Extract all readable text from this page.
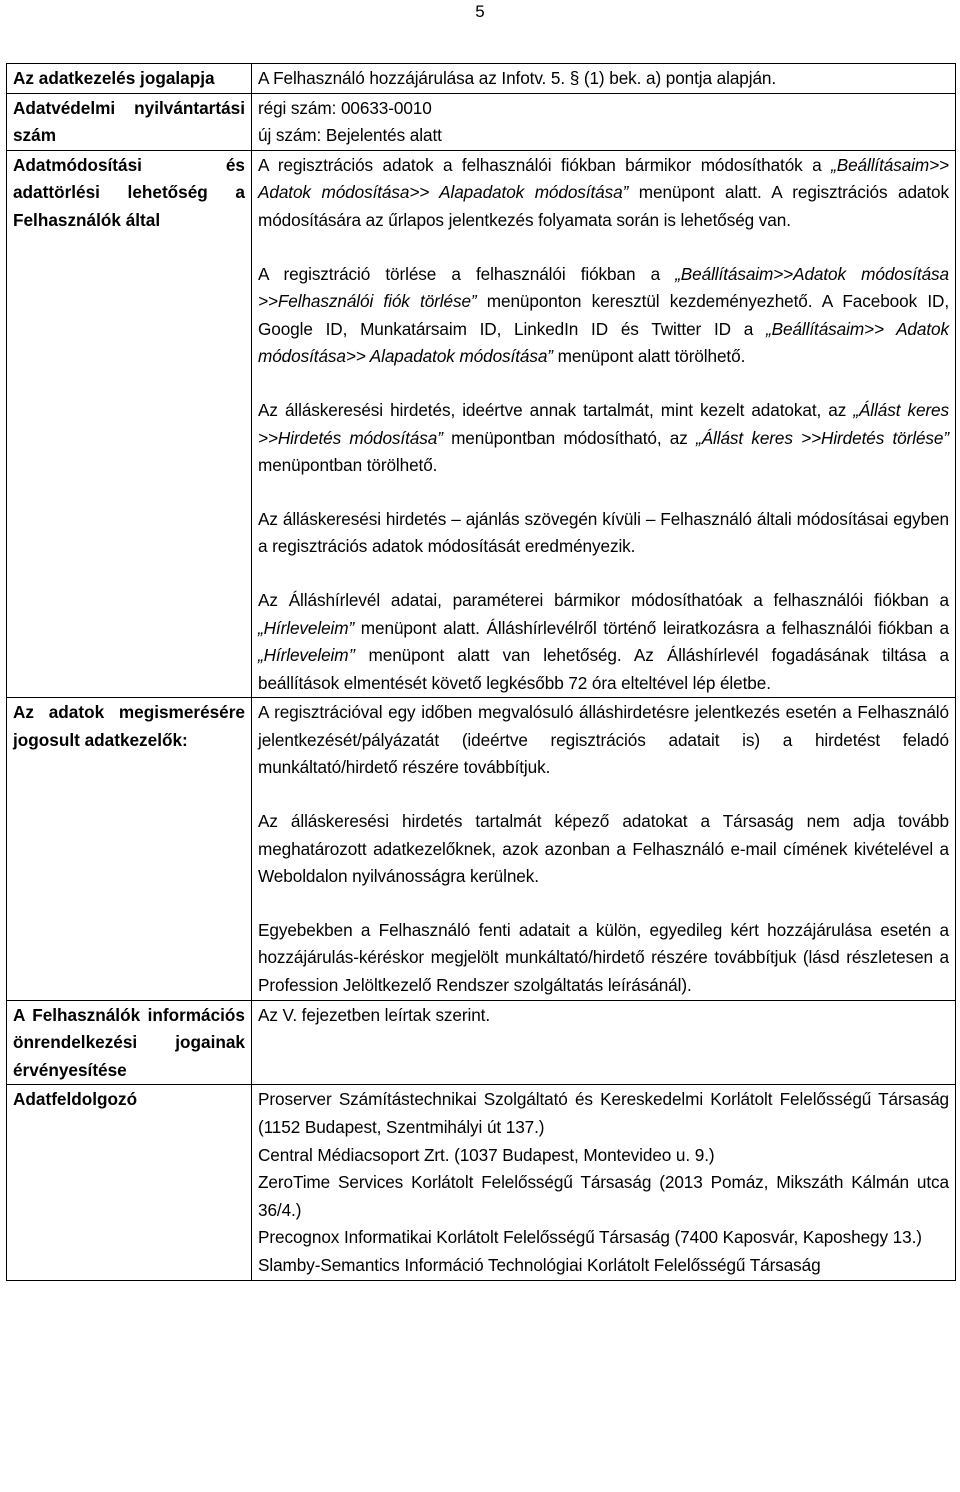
5
Az adatkezelés jogalapja	A Felhasználó hozzájárulása az Infotv. 5. § (1) bek. a) pontja alapján.

Adatvédelmi nyilvántartási szám	régi szám: 00633-0010
új szám: Bejelentés alatt

Adatmódosítási és adattörlési lehetőség a Felhasználók által	A regisztrációs adatok a felhasználói fiókban bármikor módosíthatók a „Beállításaim>> Adatok módosítása>> Alapadatok módosítása” menüpont alatt. A regisztrációs adatok módosítására az űrlapos jelentkezés folyamata során is lehetőség van.

A regisztráció törlése a felhasználói fiókban a „Beállításaim>>Adatok módosítása >>Felhasználói fiók törlése” menüponton keresztül kezdeményezhető. A Facebook ID, Google ID, Munkatársaim ID, LinkedIn ID és Twitter ID a „Beállításaim>> Adatok módosítása>> Alapadatok módosítása” menüpont alatt törölhető.

Az álláskeresési hirdetés, ideértve annak tartalmát, mint kezelt adatokat, az „Állást keres >>Hirdetés módosítása” menüpontban módosítható, az „Állást keres >>Hirdetés törlése” menüpontban törölhető.

Az álláskeresési hirdetés – ajánlás szövegén kívüli – Felhasználó általi módosításai egyben a regisztrációs adatok módosítását eredményezik.

Az Álláshírlevél adatai, paraméterei bármikor módosíthatóak a felhasználói fiókban a „Hírleveleim” menüpont alatt. Álláshírlevélről történő leiratkozásra a felhasználói fiókban a „Hírleveleim’’ menüpont alatt van lehetőség. Az Álláshírlevél fogadásának tiltása a beállítások elmentését követő legkésőbb 72 óra elteltével lép életbe.

Az adatok megismerésére jogosult adatkezelők:	A regisztrációval egy időben megvalósuló álláshirdetésre jelentkezés esetén a Felhasználó jelentkezését/pályázatát (ideértve regisztrációs adatait is) a hirdetést feladó munkáltató/hirdető részére továbbítjuk.

Az álláskeresési hirdetés tartalmát képező adatokat a Társaság nem adja tovább meghatározott adatkezelőknek, azok azonban a Felhasználó e-mail címének kivételével a Weboldalon nyilvánosságra kerülnek.

Egyebekben a Felhasználó fenti adatait a külön, egyedileg kért hozzájárulása esetén a hozzájárulás-kéréskor megjelölt munkáltató/hirdető részére továbbítjuk (lásd részletesen a Profession Jelöltkezelő Rendszer szolgáltatás leírásánál).

A Felhasználók információs önrendelkezési jogainak érvényesítése	Az V. fejezetben leírtak szerint.

Adatfeldolgozó	Proserver Számítástechnikai Szolgáltató és Kereskedelmi Korlátolt Felelősségű Társaság (1152 Budapest, Szentmihályi út 137.)

Central Médiacsoport Zrt. (1037 Budapest, Montevideo u. 9.)

ZeroTime Services Korlátolt Felelősségű Társaság (2013 Pomáz, Mikszáth Kálmán utca 36/4.)

Precognox Informatikai Korlátolt Felelősségű Társaság (7400 Kaposvár, Kaposhegy 13.)

Slamby-Semantics Információ Technológiai Korlátolt Felelősségű Társaság
